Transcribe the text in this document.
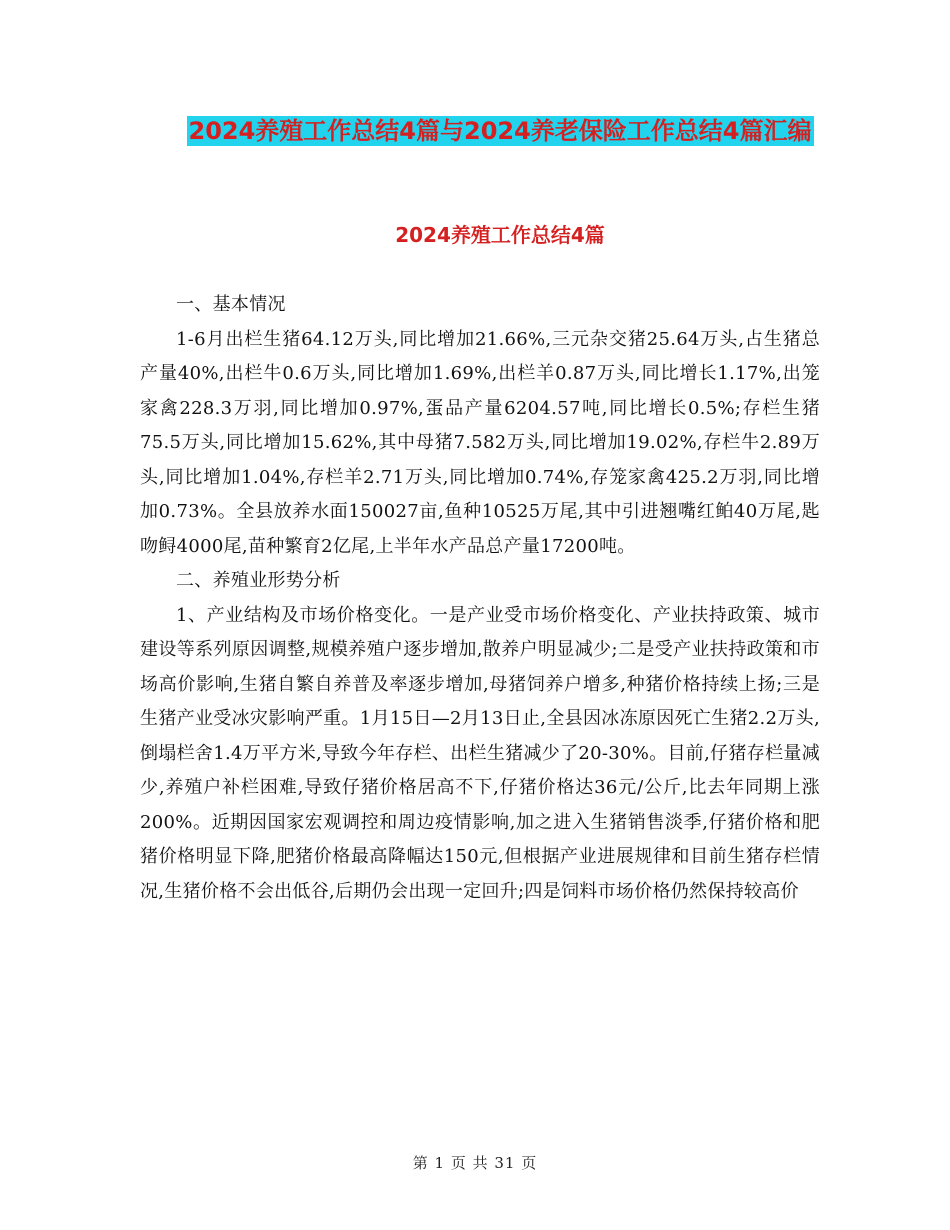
2024养殖工作总结4篇与2024养老保险工作总结4篇汇编
2024养殖工作总结4篇

一、基本情况

1-6月出栏生猪64.12万头,同比增加21.66%,三元杂交猪25.64万头,占生猪总产量40%,出栏牛0.6万头,同比增加1.69%,出栏羊0.87万头,同比增长1.17%,出笼家禽228.3万羽,同比增加0.97%,蛋品产量6204.57吨,同比增长0.5%;存栏生猪75.5万头,同比增加15.62%,其中母猪7.582万头,同比增加19.02%,存栏牛2.89万头,同比增加1.04%,存栏羊2.71万头,同比增加0.74%,存笼家禽425.2万羽,同比增加0.73%。全县放养水面150027亩,鱼种10525万尾,其中引进翘嘴红鲌40万尾,匙吻鲟4000尾,苗种繁育2亿尾,上半年水产品总产量17200吨。

二、养殖业形势分析

1、产业结构及市场价格变化。一是产业受市场价格变化、产业扶持政策、城市建设等系列原因调整,规模养殖户逐步增加,散养户明显减少;二是受产业扶持政策和市场高价影响,生猪自繁自养普及率逐步增加,母猪饲养户增多,种猪价格持续上扬;三是生猪产业受冰灾影响严重。1月15日—2月13日止,全县因冰冻原因死亡生猪2.2万头,倒塌栏舍1.4万平方米,导致今年存栏、出栏生猪减少了20-30%。目前,仔猪存栏量减少,养殖户补栏困难,导致仔猪价格居高不下,仔猪价格达36元/公斤,比去年同期上涨200%。近期因国家宏观调控和周边疫情影响,加之进入生猪销售淡季,仔猪价格和肥猪价格明显下降,肥猪价格最高降幅达150元,但根据产业进展规律和目前生猪存栏情况,生猪价格不会出低谷,后期仍会出现一定回升;四是饲料市场价格仍然保持较高价

第 1 页 共 31 页
